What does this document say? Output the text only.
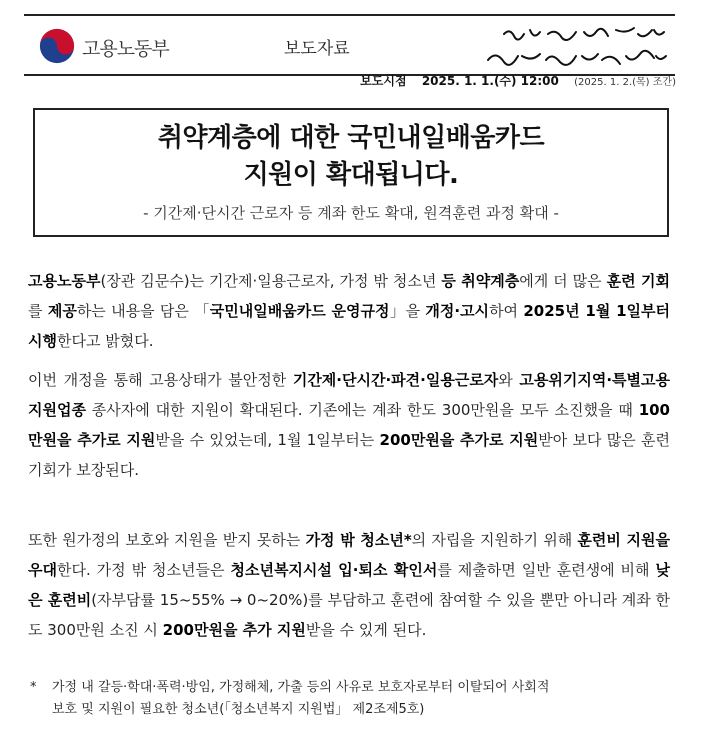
고용노동부	보도자료
보도시점 2025. 1. 1.(수) 12:00 (2025. 1. 2.(목) 조간)
취약계층에 대한 국민내일배움카드
지원이 확대됩니다.
- 기간제·단시간 근로자 등 계좌 한도 확대, 원격훈련 과정 확대 -
고용노동부(장관 김문수)는 기간제·일용근로자, 가정 밖 청소년 등 취약계층에게 더 많은 훈련 기회를 제공하는 내용을 담은 「국민내일배움카드 운영규정」을 개정·고시하여 2025년 1월 1일부터 시행한다고 밝혔다.
이번 개정을 통해 고용상태가 불안정한 기간제·단시간·파견·일용근로자와 고용위기지역·특별고용지원업종 종사자에 대한 지원이 확대된다. 기존에는 계좌 한도 300만원을 모두 소진했을 때 100만원을 추가로 지원받을 수 있었는데, 1월 1일부터는 200만원을 추가로 지원받아 보다 많은 훈련 기회가 보장된다.
또한 원가정의 보호와 지원을 받지 못하는 가정 밖 청소년*의 자립을 지원하기 위해 훈련비 지원을 우대한다. 가정 밖 청소년들은 청소년복지시설 입·퇴소 확인서를 제출하면 일반 훈련생에 비해 낮은 훈련비(자부담률 15~55% → 0~20%)를 부담하고 훈련에 참여할 수 있을 뿐만 아니라 계좌 한도 300만원 소진 시 200만원을 추가 지원받을 수 있게 된다.
* 가정 내 갈등·학대·폭력·방임, 가정해체, 가출 등의 사유로 보호자로부터 이탈되어 사회적
보호 및 지원이 필요한 청소년(「청소년복지 지원법」 제2조제5호)
